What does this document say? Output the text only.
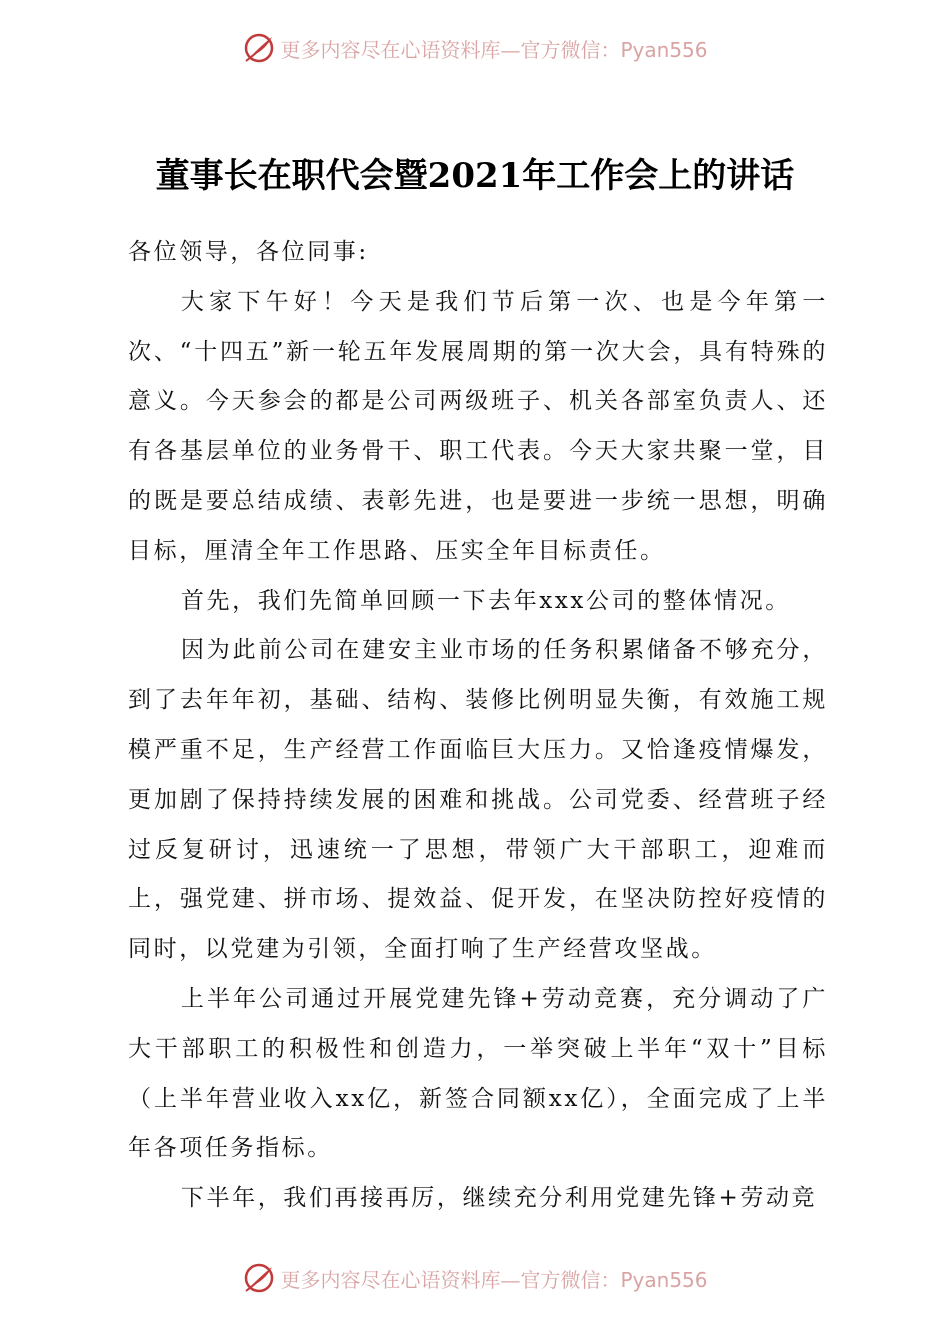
更多内容尽在心语资料库—官方微信：Pyan556
董事长在职代会暨2021年工作会上的讲话

各位领导，各位同事:

大家下午好！今天是我们节后第一次、也是今年第一次、“十四五”新一轮五年发展周期的第一次大会，具有特殊的意义。今天参会的都是公司两级班子、机关各部室负责人、还有各基层单位的业务骨干、职工代表。今天大家共聚一堂，目的既是要总结成绩、表彰先进，也是要进一步统一思想，明确目标，厘清全年工作思路、压实全年目标责任。

首先，我们先简单回顾一下去年xxx公司的整体情况。

因为此前公司在建安主业市场的任务积累储备不够充分，到了去年年初，基础、结构、装修比例明显失衡，有效施工规模严重不足，生产经营工作面临巨大压力。又恰逢疫情爆发，更加剧了保持持续发展的困难和挑战。公司党委、经营班子经过反复研讨，迅速统一了思想，带领广大干部职工，迎难而上，强党建、拼市场、提效益、促开发，在坚决防控好疫情的同时，以党建为引领，全面打响了生产经营攻坚战。

上半年公司通过开展党建先锋+劳动竞赛，充分调动了广大干部职工的积极性和创造力，一举突破上半年“双十”目标（上半年营业收入xx亿，新签合同额xx亿），全面完成了上半年各项任务指标。

下半年，我们再接再厉，继续充分利用党建先锋+劳动竞

更多内容尽在心语资料库—官方微信：Pyan556
